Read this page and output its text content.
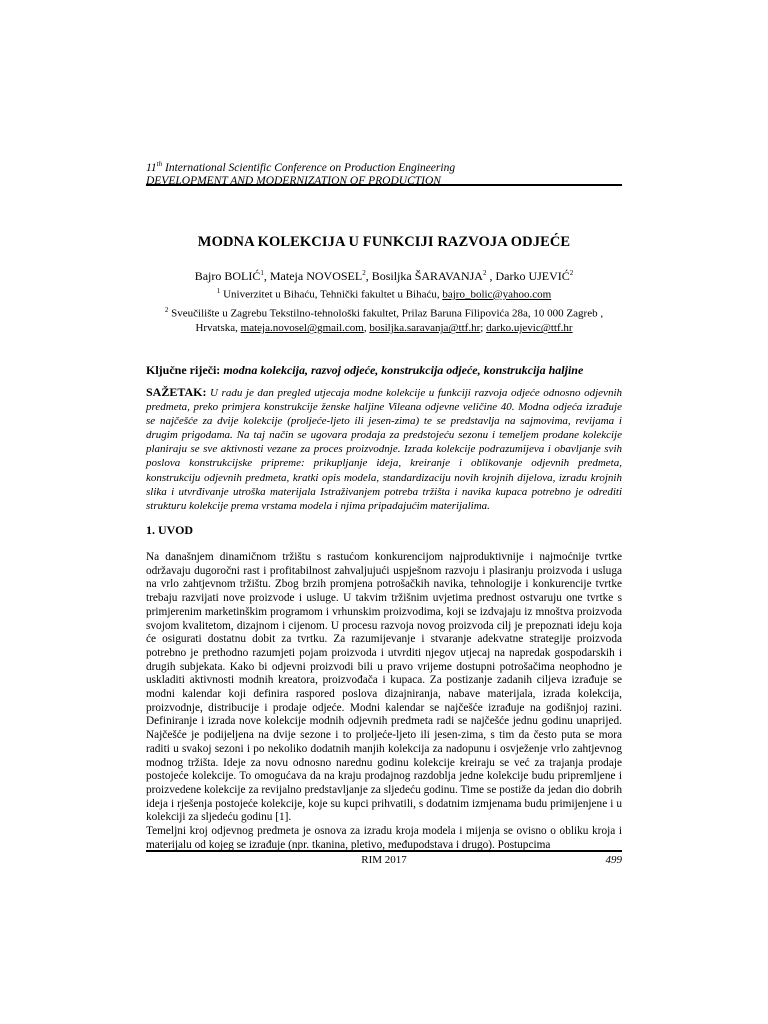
11th International Scientific Conference on Production Engineering
DEVELOPMENT AND MODERNIZATION OF PRODUCTION
MODNA KOLEKCIJA U FUNKCIJI RAZVOJA ODJEĆE
Bajro BOLIĆ$^1$, Mateja NOVOSEL$^2$, Bosiljka ŠARAVANJA$^2$ , Darko UJEVIĆ$^2$
$^1$ Univerzitet u Bihaću, Tehnički fakultet u Bihaću, bajro_bolic@yahoo.com
$^2$ Sveučilište u Zagrebu Tekstilno-tehnološki fakultet, Prilaz Baruna Filipovića 28a, 10 000 Zagreb ,
Hrvatska, mateja.novosel@gmail.com, bosiljka.saravanja@ttf.hr; darko.ujevic@ttf.hr
Ključne riječi: modna kolekcija, razvoj odjeće, konstrukcija odjeće, konstrukcija haljine
SAŽETAK: U radu je dan pregled utjecaja modne kolekcije u funkciji razvoja odjeće odnosno odjevnih predmeta, preko primjera konstrukcije ženske haljine Vileana odjevne veličine 40. Modna odjeća izrađuje se najčešće za dvije kolekcije (proljeće-ljeto ili jesen-zima) te se predstavlja na sajmovima, revijama i drugim prigodama. Na taj način se ugovara prodaja za predstojeću sezonu i temeljem prodane kolekcije planiraju se sve aktivnosti vezane za proces proizvodnje. Izrada kolekcije podrazumijeva i obavljanje svih poslova konstrukcijske pripreme: prikupljanje ideja, kreiranje i oblikovanje odjevnih predmeta, konstrukciju odjevnih predmeta, kratki opis modela, standardizaciju novih krojnih dijelova, izradu krojnih slika i utvrđivanje utroška materijala Istraživanjem potreba tržišta i navika kupaca potrebno je odrediti strukturu kolekcije prema vrstama modela i njima pripadajućim materijalima.
1. UVOD

Na današnjem dinamičnom tržištu s rastućom konkurencijom najproduktivnije i najmoćnije tvrtke održavaju dugoročni rast i profitabilnost zahvaljujući uspješnom razvoju i plasiranju proizvoda i usluga na vrlo zahtjevnom tržištu. Zbog brzih promjena potrošačkih navika, tehnologije i konkurencije tvrtke trebaju razvijati nove proizvode i usluge. U takvim tržišnim uvjetima prednost ostvaruju one tvrtke s primjerenim marketinškim programom i vrhunskim proizvodima, koji se izdvajaju iz mnoštva proizvoda svojom kvalitetom, dizajnom i cijenom. U procesu razvoja novog proizvoda cilj je prepoznati ideju koja će osigurati dostatnu dobit za tvrtku. Za razumijevanje i stvaranje adekvatne strategije proizvoda potrebno je prethodno razumjeti pojam proizvoda i utvrditi njegov utjecaj na napredak gospodarskih i drugih subjekata. Kako bi odjevni proizvodi bili u pravo vrijeme dostupni potrošačima neophodno je uskladiti aktivnosti modnih kreatora, proizvođača i kupaca. Za postizanje zadanih ciljeva izrađuje se modni kalendar koji definira raspored poslova dizajniranja, nabave materijala, izrada kolekcija, proizvodnje, distribucije i prodaje odjeće. Modni kalendar se najčešće izrađuje na godišnjoj razini. Definiranje i izrada nove kolekcije modnih odjevnih predmeta radi se najčešće jednu godinu unaprijed. Najčešće je podijeljena na dvije sezone i to proljeće-ljeto ili jesen-zima, s tim da često puta se mora raditi u svakoj sezoni i po nekoliko dodatnih manjih kolekcija za nadopunu i osvježenje vrlo zahtjevnog modnog tržišta. Ideje za novu odnosno narednu godinu kolekcije kreiraju se već za trajanja prodaje postojeće kolekcije. To omogućava da na kraju prodajnog razdoblja jedne kolekcije budu pripremljene i proizvedene kolekcije za revijalno predstavljanje za sljedeću godinu. Time se postiže da jedan dio dobrih ideja i rješenja postojeće kolekcije, koje su kupci prihvatili, s dodatnim izmjenama budu primijenjene i u kolekciji za sljedeću godinu [1].

Temeljni kroj odjevnog predmeta je osnova za izradu kroja modela i mijenja se ovisno o obliku kroja i materijalu od kojeg se izrađuje (npr. tkanina, pletivo, međupodstava i drugo). Postupcima

RIM 2017	499
